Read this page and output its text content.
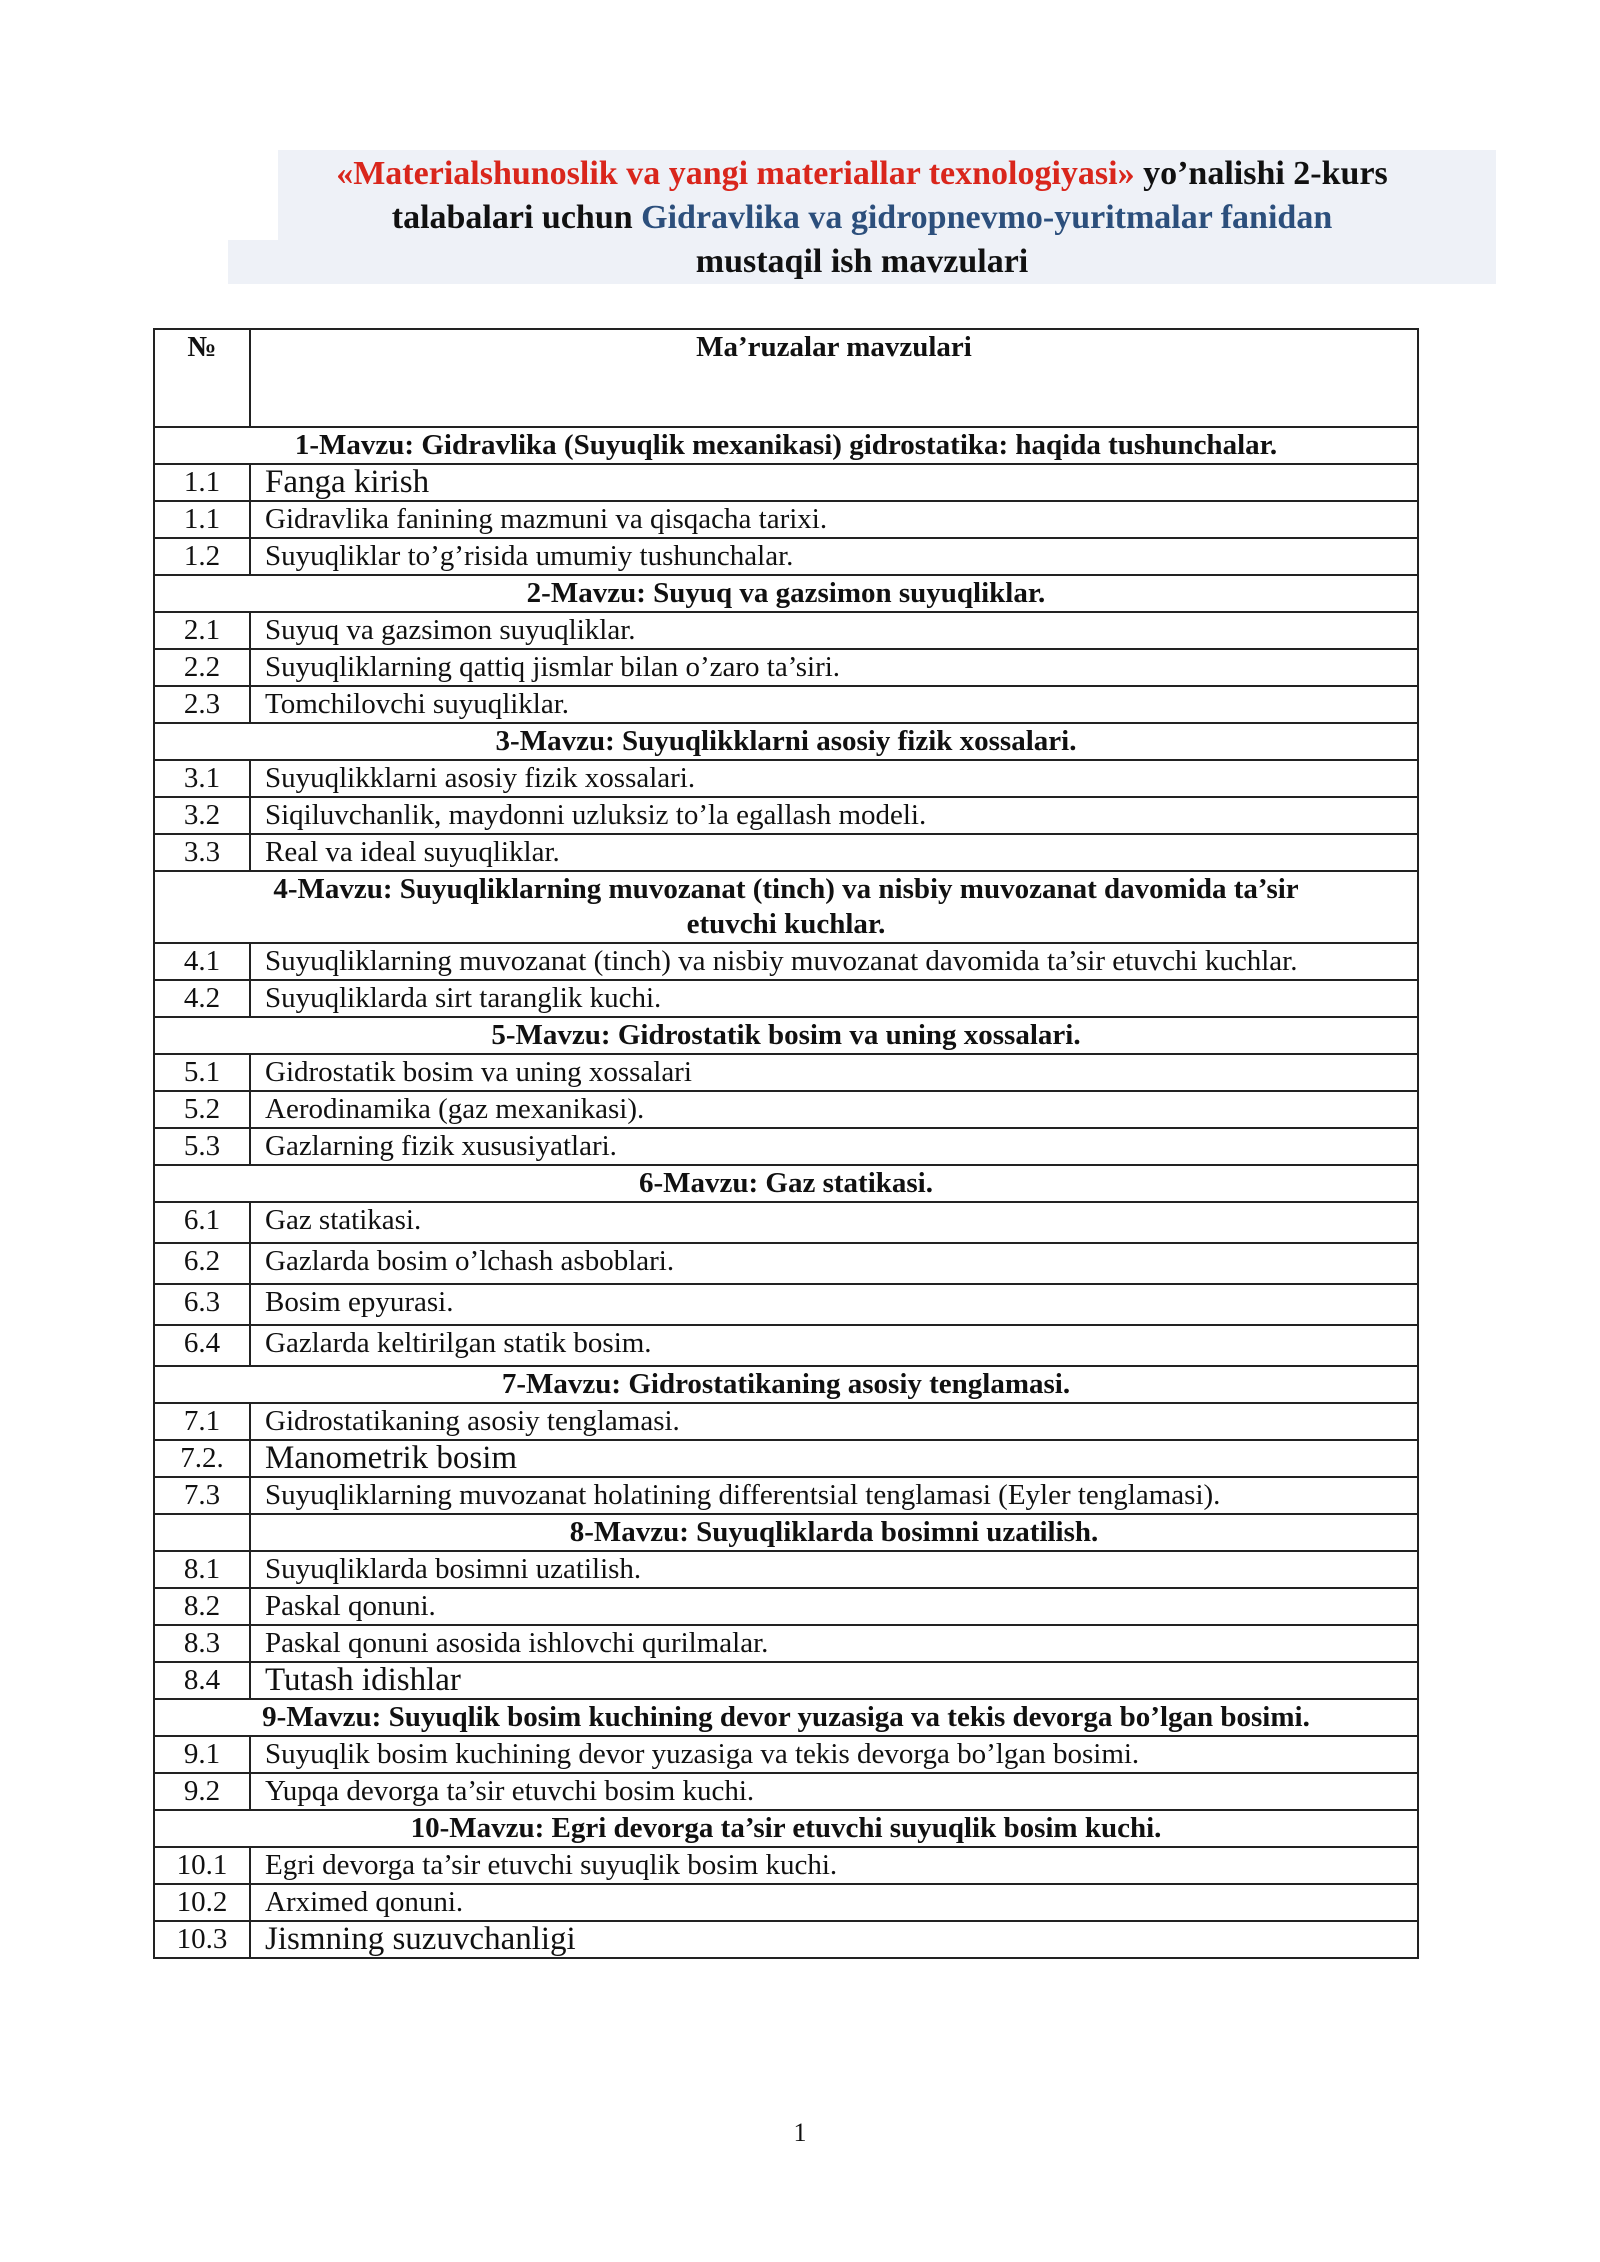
«Materialshunoslik va yangi materiallar texnologiyasi» yo’nalishi 2-kurs
talabalari uchun Gidravlika va gidropnevmo-yuritmalar fanidan
mustaqil ish mavzulari
№	Ma’ruzalar mavzulari
1-Mavzu: Gidravlika (Suyuqlik mexanikasi) gidrostatika: haqida tushunchalar.	
1.1	Fanga kirish
1.1	Gidravlika fanining mazmuni va qisqacha tarixi.
1.2	Suyuqliklar to’g’risida umumiy tushunchalar.
2-Mavzu: Suyuq va gazsimon suyuqliklar.	
2.1	Suyuq va gazsimon suyuqliklar.
2.2	Suyuqliklarning qattiq jismlar bilan o’zaro ta’siri.
2.3	Tomchilovchi suyuqliklar.
3-Mavzu: Suyuqlikklarni asosiy fizik xossalari.	
3.1	Suyuqlikklarni asosiy fizik xossalari.
3.2	Siqiluvchanlik, maydonni uzluksiz to’la egallash modeli.
3.3	Real va ideal suyuqliklar.
4-Mavzu: Suyuqliklarning muvozanat (tinch) va nisbiy muvozanat davomida ta’sir etuvchi kuchlar.	
4.1	Suyuqliklarning muvozanat (tinch) va nisbiy muvozanat davomida ta’sir etuvchi kuchlar.
4.2	Suyuqliklarda sirt taranglik kuchi.
5-Mavzu: Gidrostatik bosim va uning xossalari.	
5.1	Gidrostatik bosim va uning xossalari
5.2	Aerodinamika (gaz mexanikasi).
5.3	Gazlarning fizik xususiyatlari.
6-Mavzu: Gaz statikasi.	
6.1	Gaz statikasi.
6.2	Gazlarda bosim o’lchash asboblari.
6.3	Bosim epyurasi.
6.4	Gazlarda keltirilgan statik bosim.
7-Mavzu: Gidrostatikaning asosiy tenglamasi.	
7.1	Gidrostatikaning asosiy tenglamasi.
7.2.	Manometrik bosim
7.3	Suyuqliklarning muvozanat holatining differentsial tenglamasi (Eyler tenglamasi).
	8-Mavzu: Suyuqliklarda bosimni uzatilish.
8.1	Suyuqliklarda bosimni uzatilish.
8.2	Paskal qonuni.
8.3	Paskal qonuni asosida ishlovchi qurilmalar.
8.4	Tutash idishlar
9-Mavzu: Suyuqlik bosim kuchining devor yuzasiga va tekis devorga bo’lgan bosimi.	
9.1	Suyuqlik bosim kuchining devor yuzasiga va tekis devorga bo’lgan bosimi.
9.2	Yupqa devorga ta’sir etuvchi bosim kuchi.
10-Mavzu: Egri devorga ta’sir etuvchi suyuqlik bosim kuchi.	
10.1	Egri devorga ta’sir etuvchi suyuqlik bosim kuchi.
10.2	Arximed qonuni.
10.3	Jismning suzuvchanligi
1
